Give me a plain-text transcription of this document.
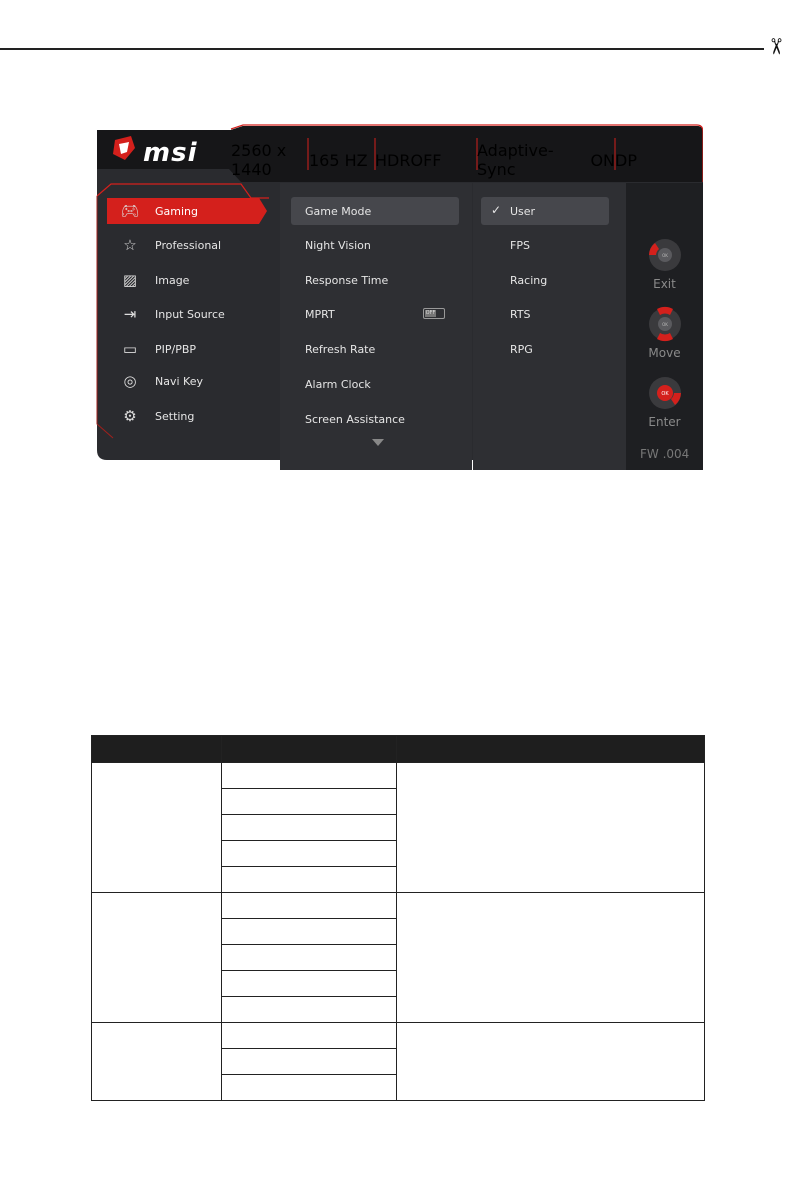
✂
msi 2560 x 1440	165 HZ HDR OFF Adaptive-Sync	ON DP
🎮︎	Gaming
☆	Professional
▨	Image
⇥	Input Source
▭	PIP/PBP
◎	Navi Key
⚙	Setting
Game Mode
Night Vision
Response Time
MPRT	OFF
Refresh Rate
Alarm Clock
Screen Assistance
✓ User
FPS
Racing
RTS
RPG
OK
Exit
OK
Move
OK
Enter
FW .004
